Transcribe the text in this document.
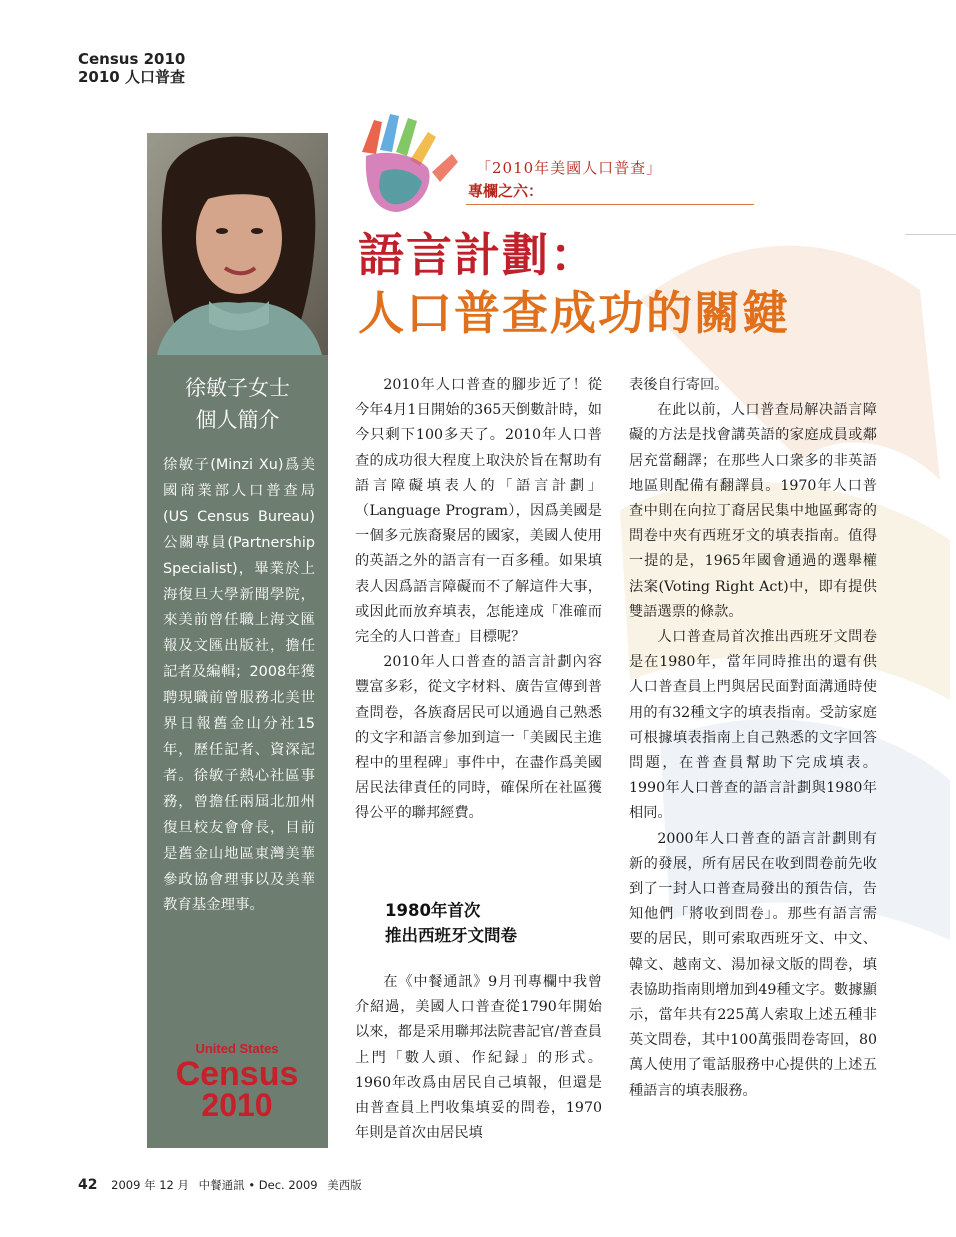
Census 2010
2010 人口普查
徐敏子女士
個人簡介
徐敏子(Minzi Xu)爲美國商業部人口普查局(US Census Bureau)公關專員(Partnership Specialist)，畢業於上海復旦大學新聞學院，來美前曾任職上海文匯報及文匯出版社，擔任記者及編輯；2008年獲聘現職前曾服務北美世界日報舊金山分社15年，歷任記者、資深記者。徐敏子熱心社區事務，曾擔任兩屆北加州復旦校友會會長，目前是舊金山地區東灣美華參政協會理事以及美華教育基金理事。
United States
Census
2010
「2010年美國人口普查」
專欄之六：
語言計劃：
人口普查成功的關鍵

2010年人口普查的腳步近了！從今年4月1日開始的365天倒數計時，如今只剩下100多天了。2010年人口普查的成功很大程度上取決於旨在幫助有語言障礙填表人的「語言計劃」（Language Program），因爲美國是一個多元族裔聚居的國家，美國人使用的英語之外的語言有一百多種。如果填表人因爲語言障礙而不了解這件大事，或因此而放弃填表，怎能達成「准確而完全的人口普查」目標呢？

2010年人口普查的語言計劃內容豐富多彩，從文字材料、廣告宣傳到普查問卷，各族裔居民可以通過自己熟悉的文字和語言參加到這一「美國民主進程中的里程碑」事件中，在盡作爲美國居民法律責任的同時，確保所在社區獲得公平的聯邦經費。

1980年首次
推出西班牙文問卷

在《中餐通訊》9月刊專欄中我曾介紹過，美國人口普查從1790年開始以來，都是采用聯邦法院書記官/普查員上門「數人頭、作紀録」的形式。1960年改爲由居民自己填報，但還是由普查員上門收集填妥的問卷，1970年則是首次由居民填

表後自行寄回。

在此以前，人口普查局解决語言障礙的方法是找會講英語的家庭成員或鄰居充當翻譯；在那些人口衆多的非英語地區則配備有翻譯員。1970年人口普查中則在向拉丁裔居民集中地區郵寄的問卷中夾有西班牙文的填表指南。值得一提的是，1965年國會通過的選舉權法案(Voting Right Act)中，即有提供雙語選票的條款。

人口普查局首次推出西班牙文問卷是在1980年，當年同時推出的還有供人口普查員上門與居民面對面溝通時使用的有32種文字的填表指南。受訪家庭可根據填表指南上自己熟悉的文字回答問題，在普查員幫助下完成填表。1990年人口普查的語言計劃與1980年相同。

2000年人口普查的語言計劃則有新的發展，所有居民在收到問卷前先收到了一封人口普查局發出的預告信，告知他們「將收到問卷」。那些有語言需要的居民，則可索取西班牙文、中文、韓文、越南文、湯加禄文版的問卷，填表協助指南則增加到49種文字。數據顯示，當年共有225萬人索取上述五種非英文問卷，其中100萬張問卷寄回，80萬人使用了電話服務中心提供的上述五種語言的填表服務。

42 2009 年 12 月 中餐通訊 • Dec. 2009 美西版
